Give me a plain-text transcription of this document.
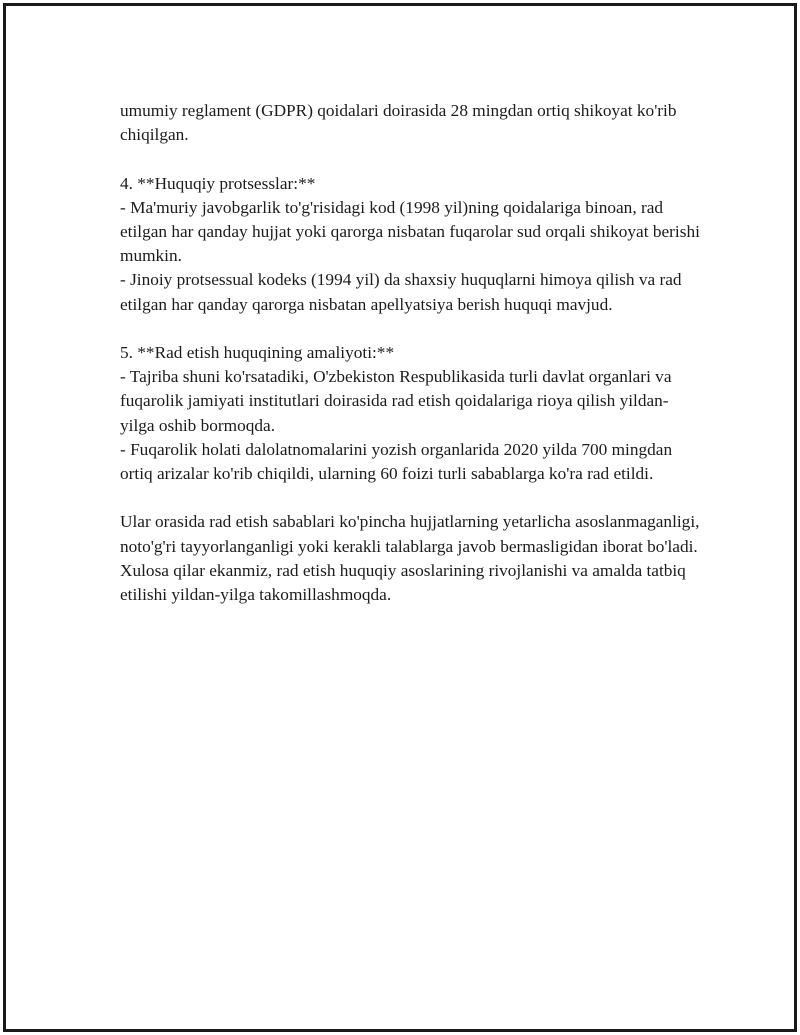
umumiy reglament (GDPR) qoidalari doirasida 28 mingdan ortiq shikoyat ko'rib chiqilgan.

4. **Huquqiy protsesslar:**

- Ma'muriy javobgarlik to'g'risidagi kod (1998 yil)ning qoidalariga binoan, rad etilgan har qanday hujjat yoki qarorga nisbatan fuqarolar sud orqali shikoyat berishi mumkin.

- Jinoiy protsessual kodeks (1994 yil) da shaxsiy huquqlarni himoya qilish va rad etilgan har qanday qarorga nisbatan apellyatsiya berish huquqi mavjud.

5. **Rad etish huquqining amaliyoti:**

- Tajriba shuni ko'rsatadiki, O'zbekiston Respublikasida turli davlat organlari va fuqarolik jamiyati institutlari doirasida rad etish qoidalariga rioya qilish yildan-yilga oshib bormoqda.

- Fuqarolik holati dalolatnomalarini yozish organlarida 2020 yilda 700 mingdan ortiq arizalar ko'rib chiqildi, ularning 60 foizi turli sabablarga ko'ra rad etildi.

Ular orasida rad etish sabablari ko'pincha hujjatlarning yetarlicha asoslanmaganligi, noto'g'ri tayyorlanganligi yoki kerakli talablarga javob bermasligidan iborat bo'ladi. Xulosa qilar ekanmiz, rad etish huquqiy asoslarining rivojlanishi va amalda tatbiq etilishi yildan-yilga takomillashmoqda.
